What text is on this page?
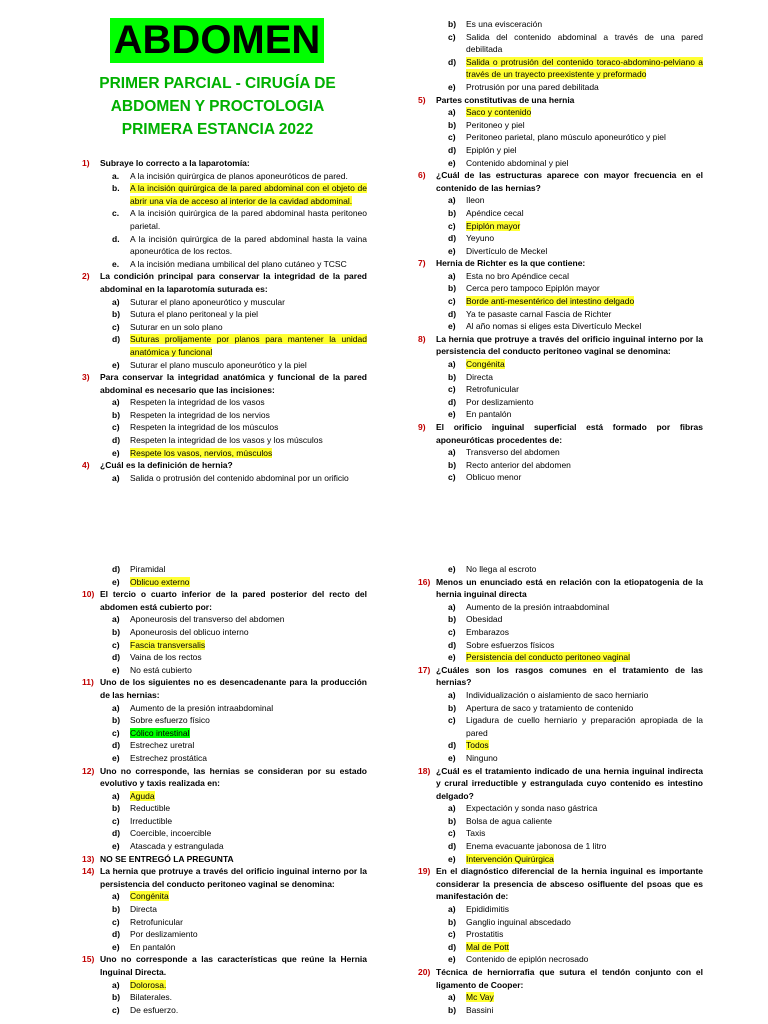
ABDOMEN
PRIMER PARCIAL - CIRUGÍA DE
ABDOMEN Y PROCTOLOGIA
PRIMERA ESTANCIA 2022
1) Subraye lo correcto a la laparotomía:
a. A la incisión quirúrgica de planos aponeuróticos de pared.
b. A la incisión quirúrgica de la pared abdominal con el objeto de abrir una vía de acceso al interior de la cavidad abdominal.
c. A la incisión quirúrgica de la pared abdominal hasta peritoneo parietal.
d. A la incisión quirúrgica de la pared abdominal hasta la vaina aponeurótica de los rectos.
e. A la incisión mediana umbilical del plano cutáneo y TCSC
2) La condición principal para conservar la integridad de la pared abdominal en la laparotomía suturada es:
a) Suturar el plano aponeurótico y muscular
b) Sutura el plano peritoneal y la piel
c) Suturar en un solo plano
d) Suturas prolijamente por planos para mantener la unidad anatómica y funcional
e) Suturar el plano musculo aponeurótico y la piel
3) Para conservar la integridad anatómica y funcional de la pared abdominal es necesario que las incisiones:
a) Respeten la integridad de los vasos
b) Respeten la integridad de los nervios
c) Respeten la integridad de los músculos
d) Respeten la integridad de los vasos y los músculos
e) Respete los vasos, nervios, músculos
4) ¿Cuál es la definición de hernia?
a) Salida o protrusión del contenido abdominal por un orificio
b) Es una evisceración
c) Salida del contenido abdominal a través de una pared debilitada
d) Salida o protrusión del contenido toraco-abdomino-pelviano a través de un trayecto preexistente y preformado
e) Protrusión por una pared debilitada
5) Partes constitutivas de una hernia
a) Saco y contenido
b) Peritoneo y piel
c) Peritoneo parietal, plano músculo aponeurótico y piel
d) Epiplón y piel
e) Contenido abdominal y piel
6) ¿Cuál de las estructuras aparece con mayor frecuencia en el contenido de las hernias?
a) Ileon
b) Apéndice cecal
c) Epiplón mayor
d) Yeyuno
e) Divertículo de Meckel
7) Hernia de Richter es la que contiene:
a) Esta no bro Apéndice cecal
b) Cerca pero tampoco Epiplón mayor
c) Borde anti-mesentérico del intestino delgado
d) Ya te pasaste carnal Fascia de Richter
e) Al año nomas si eliges esta Divertículo Meckel
8) La hernia que protruye a través del orificio inguinal interno por la persistencia del conducto peritoneo vaginal se denomina:
a) Congénita
b) Directa
c) Retrofunicular
d) Por deslizamiento
e) En pantalón
9) El orificio inguinal superficial está formado por fibras aponeuróticas procedentes de:
a) Transverso del abdomen
b) Recto anterior del abdomen
c) Oblicuo menor
d) Piramidal
e) Oblicuo externo
10) El tercio o cuarto inferior de la pared posterior del recto del abdomen está cubierto por:
a) Aponeurosis del transverso del abdomen
b) Aponeurosis del oblicuo interno
c) Fascia transversalis
d) Vaina de los rectos
e) No está cubierto
11) Uno de los siguientes no es desencadenante para la producción de las hernias:
a) Aumento de la presión intraabdominal
b) Sobre esfuerzo físico
c) Cólico intestinal
d) Estrechez uretral
e) Estrechez prostática
12) Uno no corresponde, las hernias se consideran por su estado evolutivo y taxis realizada en:
a) Aguda
b) Reductible
c) Irreductible
d) Coercible, incoercible
e) Atascada y estrangulada
13) NO SE ENTREGÓ LA PREGUNTA
14) La hernia que protruye a través del orificio inguinal interno por la persistencia del conducto peritoneo vaginal se denomina:
a) Congénita
b) Directa
c) Retrofunicular
d) Por deslizamiento
e) En pantalón
15) Uno no corresponde a las características que reúne la Hernia Inguinal Directa.
a) Dolorosa.
b) Bilaterales.
c) De esfuerzo.
e) No llega al escroto
16) Menos un enunciado está en relación con la etiopatogenia de la hernia inguinal directa
a) Aumento de la presión intraabdominal
b) Obesidad
c) Embarazos
d) Sobre esfuerzos físicos
e) Persistencia del conducto peritoneo vaginal
17) ¿Cuáles son los rasgos comunes en el tratamiento de las hernias?
a) Individualización o aislamiento de saco herniario
b) Apertura de saco y tratamiento de contenido
c) Ligadura de cuello herniario y preparación apropiada de la pared
d) Todos
e) Ninguno
18) ¿Cuál es el tratamiento indicado de una hernia inguinal indirecta y crural irreductible y estrangulada cuyo contenido es intestino delgado?
a) Expectación y sonda naso gástrica
b) Bolsa de agua caliente
c) Taxis
d) Enema evacuante jabonosa de 1 litro
e) Intervención Quirúrgica
19) En el diagnóstico diferencial de la hernia inguinal es importante considerar la presencia de absceso osifluente del psoas que es manifestación de:
a) Epididimitis
b) Ganglio inguinal abscedado
c) Prostatitis
d) Mal de Pott
e) Contenido de epiplón necrosado
20) Técnica de herniorrafia que sutura el tendón conjunto con el ligamento de Cooper:
a) Mc Vay
b) Bassini
